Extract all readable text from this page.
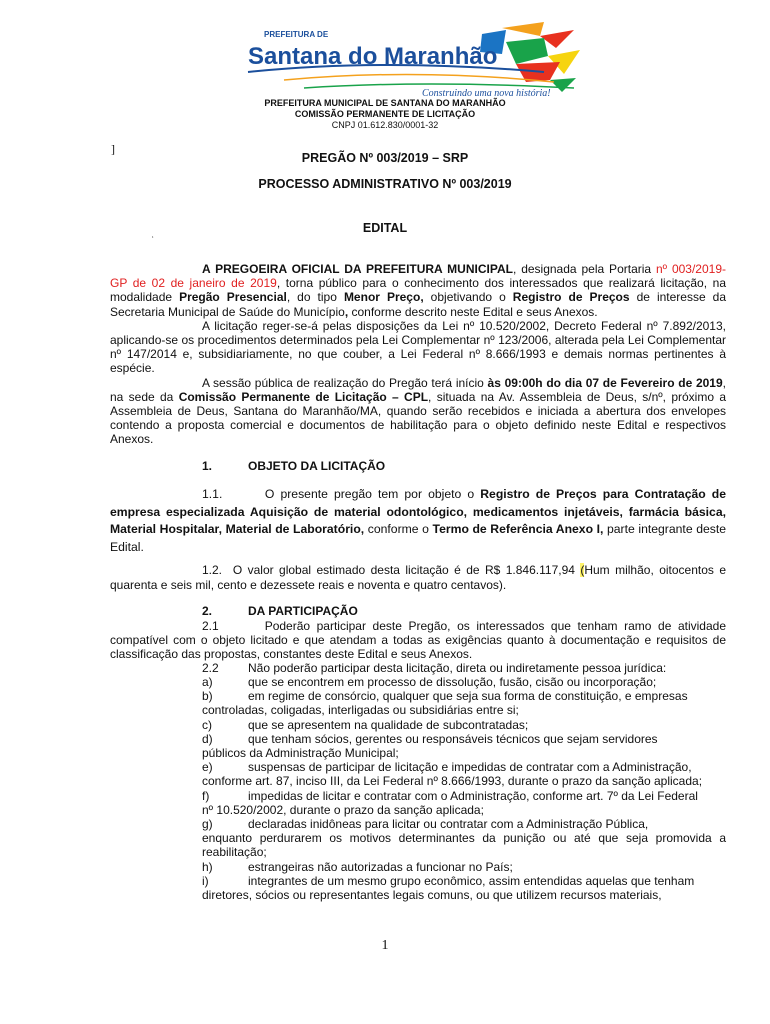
PREFEITURA DE
Santana do Maranhão
Construindo uma nova história!
PREFEITURA MUNICIPAL DE SANTANA DO MARANHÃO
COMISSÃO PERMANENTE DE LICITAÇÃO
CNPJ 01.612.830/0001-32
]
‘
PREGÃO Nº 003/2019 – SRP
PROCESSO ADMINISTRATIVO Nº 003/2019
EDITAL

A PREGOEIRA OFICIAL DA PREFEITURA MUNICIPAL, designada pela Portaria nº 003/2019-GP de 02 de janeiro de 2019, torna público para o conhecimento dos interessados que realizará licitação, na modalidade Pregão Presencial, do tipo Menor Preço, objetivando o Registro de Preços de interesse da Secretaria Municipal de Saúde do Município, conforme descrito neste Edital e seus Anexos.

A licitação reger-se-á pelas disposições da Lei nº 10.520/2002, Decreto Federal nº 7.892/2013, aplicando-se os procedimentos determinados pela Lei Complementar nº 123/2006, alterada pela Lei Complementar nº 147/2014 e, subsidiariamente, no que couber, a Lei Federal nº 8.666/1993 e demais normas pertinentes à espécie.

A sessão pública de realização do Pregão terá início às 09:00h do dia 07 de Fevereiro de 2019, na sede da Comissão Permanente de Licitação – CPL, situada na Av. Assembleia de Deus, s/nº, próximo a Assembleia de Deus, Santana do Maranhão/MA, quando serão recebidos e iniciada a abertura dos envelopes contendo a proposta comercial e documentos de habilitação para o objeto definido neste Edital e respectivos Anexos.

1.	OBJETO DA LICITAÇÃO

1.1.	O presente pregão tem por objeto o Registro de Preços para Contratação de empresa especializada Aquisição de material odontológico, medicamentos injetáveis, farmácia básica, Material Hospitalar, Material de Laboratório, conforme o Termo de Referência Anexo I, parte integrante deste Edital.

1.2. O valor global estimado desta licitação é de R$ 1.846.117,94 (Hum milhão, oitocentos e quarenta e seis mil, cento e dezessete reais e noventa e quatro centavos).

2.	DA PARTICIPAÇÃO

2.1	Poderão participar deste Pregão, os interessados que tenham ramo de atividade compatível com o objeto licitado e que atendam a todas as exigências quanto à documentação e requisitos de classificação das propostas, constantes deste Edital e seus Anexos.

2.2	Não poderão participar desta licitação, direta ou indiretamente pessoa jurídica:
a)	que se encontrem em processo de dissolução, fusão, cisão ou incorporação;
b)	em regime de consórcio, qualquer que seja sua forma de constituição, e empresas
controladas, coligadas, interligadas ou subsidiárias entre si;
c)	que se apresentem na qualidade de subcontratadas;
d)	que tenham sócios, gerentes ou responsáveis técnicos que sejam servidores
públicos da Administração Municipal;
e)	suspensas de participar de licitação e impedidas de contratar com a Administração,
conforme art. 87, inciso III, da Lei Federal nº 8.666/1993, durante o prazo da sanção aplicada;
f)	impedidas de licitar e contratar com o Administração, conforme art. 7º da Lei Federal
nº 10.520/2002, durante o prazo da sanção aplicada;
g)	declaradas inidôneas para licitar ou contratar com a Administração Pública,
enquanto perdurarem os motivos determinantes da punição ou até que seja promovida a reabilitação;
h)	estrangeiras não autorizadas a funcionar no País;
i)	integrantes de um mesmo grupo econômico, assim entendidas aquelas que tenham
diretores, sócios ou representantes legais comuns, ou que utilizem recursos materiais,
1
